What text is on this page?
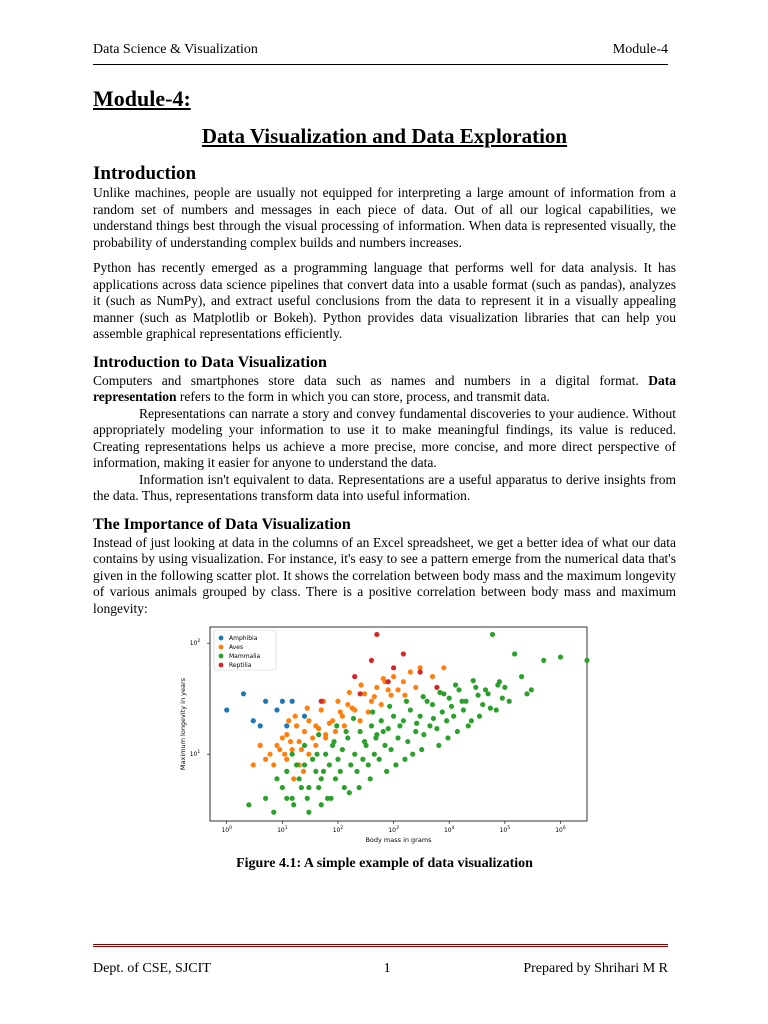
Data Science & Visualization	Module-4
Module-4:
Data Visualization and Data Exploration
Introduction

Unlike machines, people are usually not equipped for interpreting a large amount of information from a random set of numbers and messages in each piece of data. Out of all our logical capabilities, we understand things best through the visual processing of information. When data is represented visually, the probability of understanding complex builds and numbers increases.

Python has recently emerged as a programming language that performs well for data analysis. It has applications across data science pipelines that convert data into a usable format (such as pandas), analyzes it (such as NumPy), and extract useful conclusions from the data to represent it in a visually appealing manner (such as Matplotlib or Bokeh). Python provides data visualization libraries that can help you assemble graphical representations efficiently.

Introduction to Data Visualization

Computers and smartphones store data such as names and numbers in a digital format. Data representation refers to the form in which you can store, process, and transmit data.

Representations can narrate a story and convey fundamental discoveries to your audience. Without appropriately modeling your information to use it to make meaningful findings, its value is reduced. Creating representations helps us achieve a more precise, more concise, and more direct perspective of information, making it easier for anyone to understand the data.

Information isn't equivalent to data. Representations are a useful apparatus to derive insights from the data. Thus, representations transform data into useful information.

The Importance of Data Visualization

Instead of just looking at data in the columns of an Excel spreadsheet, we get a better idea of what our data contains by using visualization. For instance, it's easy to see a pattern emerge from the numerical data that's given in the following scatter plot. It shows the correlation between body mass and the maximum longevity of various animals grouped by class. There is a positive correlation between body mass and maximum longevity:

$10^0$	$10^1$	$10^2$	$10^3$	$10^4$	$10^5$	$10^6$
$10^1$
$10^2$
Body mass in grams
Maximum longevity in years
Amphibia
Aves
Mammalia
Reptilia
Figure 4.1: A simple example of data visualization
Dept. of CSE, SJCIT	1	Prepared by Shrihari M R
